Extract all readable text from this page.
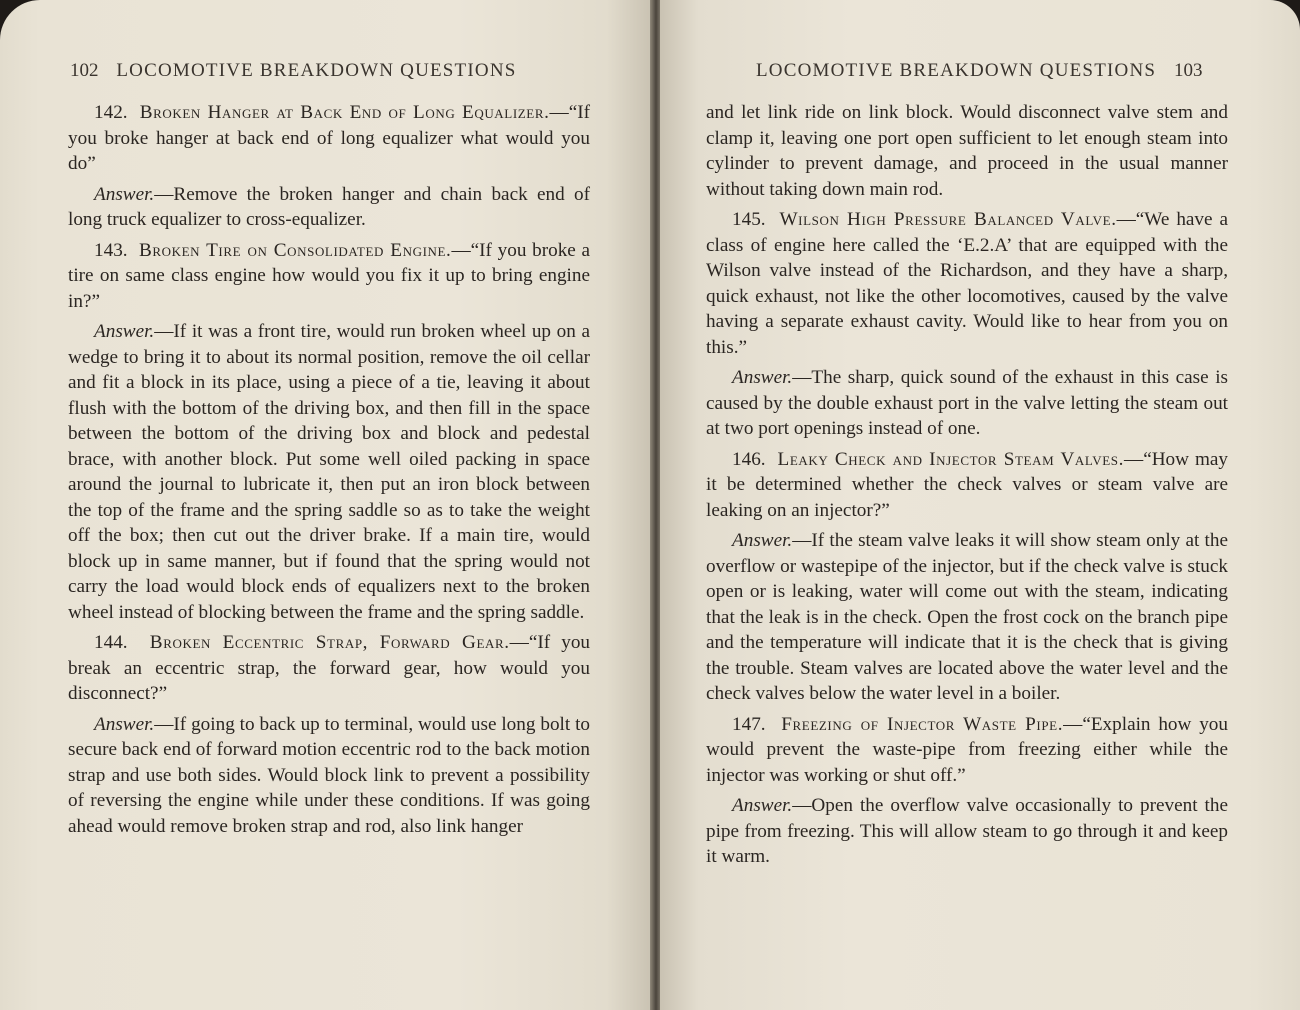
102 LOCOMOTIVE BREAKDOWN QUESTIONS

142. Broken Hanger at Back End of Long Equalizer.—“If you broke hanger at back end of long equalizer what would you do”

Answer.—Remove the broken hanger and chain back end of long truck equalizer to cross-equalizer.

143. Broken Tire on Consolidated Engine.—“If you broke a tire on same class engine how would you fix it up to bring engine in?”

Answer.—If it was a front tire, would run broken wheel up on a wedge to bring it to about its normal position, remove the oil cellar and fit a block in its place, using a piece of a tie, leaving it about flush with the bottom of the driving box, and then fill in the space between the bottom of the driving box and block and pedestal brace, with another block. Put some well oiled packing in space around the journal to lubricate it, then put an iron block between the top of the frame and the spring saddle so as to take the weight off the box; then cut out the driver brake. If a main tire, would block up in same manner, but if found that the spring would not carry the load would block ends of equalizers next to the broken wheel instead of blocking between the frame and the spring saddle.

144. Broken Eccentric Strap, Forward Gear.—“If you break an eccentric strap, the forward gear, how would you disconnect?”

Answer.—If going to back up to terminal, would use long bolt to secure back end of forward motion eccentric rod to the back motion strap and use both sides. Would block link to prevent a possibility of reversing the engine while under these conditions. If was going ahead would remove broken strap and rod, also link hanger

LOCOMOTIVE BREAKDOWN QUESTIONS 103

and let link ride on link block. Would disconnect valve stem and clamp it, leaving one port open sufficient to let enough steam into cylinder to prevent damage, and proceed in the usual manner without taking down main rod.

145. Wilson High Pressure Balanced Valve.—“We have a class of engine here called the ‘E.2.A’ that are equipped with the Wilson valve instead of the Richardson, and they have a sharp, quick exhaust, not like the other locomotives, caused by the valve having a separate exhaust cavity. Would like to hear from you on this.”

Answer.—The sharp, quick sound of the exhaust in this case is caused by the double exhaust port in the valve letting the steam out at two port openings instead of one.

146. Leaky Check and Injector Steam Valves.—“How may it be determined whether the check valves or steam valve are leaking on an injector?”

Answer.—If the steam valve leaks it will show steam only at the overflow or wastepipe of the injector, but if the check valve is stuck open or is leaking, water will come out with the steam, indicating that the leak is in the check. Open the frost cock on the branch pipe and the temperature will indicate that it is the check that is giving the trouble. Steam valves are located above the water level and the check valves below the water level in a boiler.

147. Freezing of Injector Waste Pipe.—“Explain how you would prevent the waste-pipe from freezing either while the injector was working or shut off.”

Answer.—Open the overflow valve occasionally to prevent the pipe from freezing. This will allow steam to go through it and keep it warm.
